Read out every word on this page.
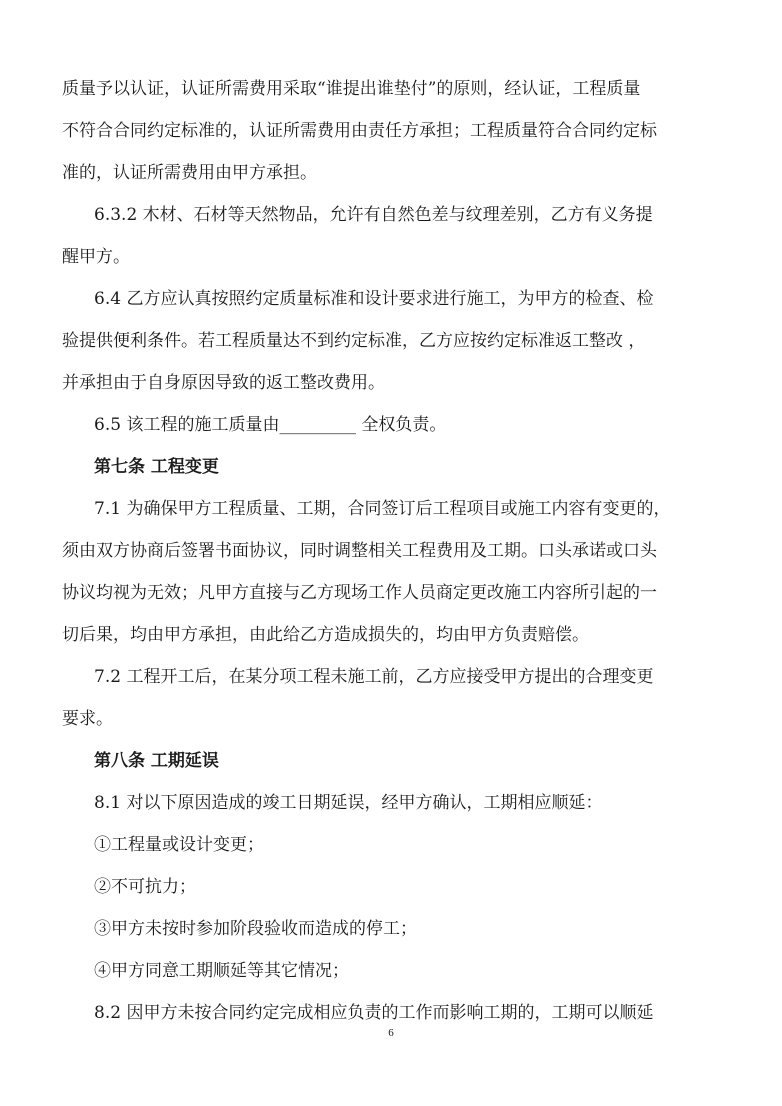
质量予以认证，认证所需费用采取“谁提出谁垫付”的原则，经认证，工程质量
不符合合同约定标准的，认证所需费用由责任方承担；工程质量符合合同约定标
准的，认证所需费用由甲方承担。
6.3.2 木材、石材等天然物品，允许有自然色差与纹理差别，乙方有义务提
醒甲方。
6.4 乙方应认真按照约定质量标准和设计要求进行施工，为甲方的检查、检
验提供便利条件。若工程质量达不到约定标准，乙方应按约定标准返工整改 ，
并承担由于自身原因导致的返工整改费用。
6.5 该工程的施工质量由_________ 全权负责。
第七条 工程变更
7.1 为确保甲方工程质量、工期，合同签订后工程项目或施工内容有变更的，
须由双方协商后签署书面协议，同时调整相关工程费用及工期。口头承诺或口头
协议均视为无效；凡甲方直接与乙方现场工作人员商定更改施工内容所引起的一
切后果，均由甲方承担，由此给乙方造成损失的，均由甲方负责赔偿。
7.2 工程开工后，在某分项工程未施工前，乙方应接受甲方提出的合理变更
要求。
第八条 工期延误
8.1 对以下原因造成的竣工日期延误，经甲方确认，工期相应顺延：
①工程量或设计变更；
②不可抗力；
③甲方未按时参加阶段验收而造成的停工；
④甲方同意工期顺延等其它情况；
8.2 因甲方未按合同约定完成相应负责的工作而影响工期的，工期可以顺延
6
